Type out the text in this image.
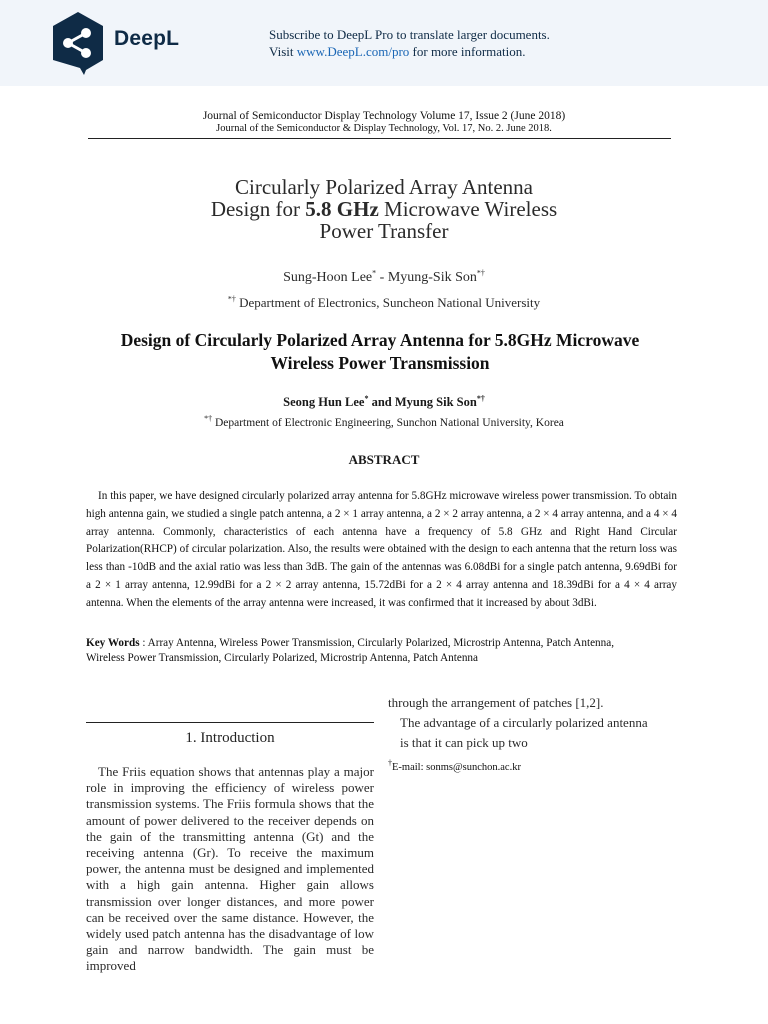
DeepL	Subscribe to DeepL Pro to translate larger documents.
Visit www.DeepL.com/pro for more information.
Journal of Semiconductor Display Technology Volume 17, Issue 2 (June 2018)
Journal of the Semiconductor & Display Technology, Vol. 17, No. 2. June 2018.
Circularly Polarized Array Antenna
Design for 5.8 GHz Microwave Wireless
Power Transfer
Sung-Hoon Lee* - Myung-Sik Son*†
*† Department of Electronics, Suncheon National University
Design of Circularly Polarized Array Antenna for 5.8GHz Microwave
Wireless Power Transmission
Seong Hun Lee* and Myung Sik Son*†
*† Department of Electronic Engineering, Sunchon National University, Korea
ABSTRACT
In this paper, we have designed circularly polarized array antenna for 5.8GHz microwave wireless power transmission. To obtain high antenna gain, we studied a single patch antenna, a 2 × 1 array antenna, a 2 × 2 array antenna, a 2 × 4 array antenna, and a 4 × 4 array antenna. Commonly, characteristics of each antenna have a frequency of 5.8 GHz and Right Hand Circular Polarization(RHCP) of circular polarization. Also, the results were obtained with the design to each antenna that the return loss was less than -10dB and the axial ratio was less than 3dB. The gain of the antennas was 6.08dBi for a single patch antenna, 9.69dBi for a 2 × 1 array antenna, 12.99dBi for a 2 × 2 array antenna, 15.72dBi for a 2 × 4 array antenna and 18.39dBi for a 4 × 4 array antenna. When the elements of the array antenna were increased, it was confirmed that it increased by about 3dBi.
Key Words : Array Antenna, Wireless Power Transmission, Circularly Polarized, Microstrip Antenna, Patch Antenna,
Wireless Power Transmission, Circularly Polarized, Microstrip Antenna, Patch Antenna
1. Introduction
The Friis equation shows that antennas play a major role in improving the efficiency of wireless power transmission systems. The Friis formula shows that the amount of power delivered to the receiver depends on the gain of the transmitting antenna (Gt) and the receiving antenna (Gr). To receive the maximum power, the antenna must be designed and implemented with a high gain antenna. Higher gain allows transmission over longer distances, and more power can be received over the same distance. However, the widely used patch antenna has the disadvantage of low gain and narrow bandwidth. The gain must be improved

through the arrangement of patches [1,2].

The advantage of a circularly polarized antenna

is that it can pick up two

†E-mail: sonms@sunchon.ac.kr
